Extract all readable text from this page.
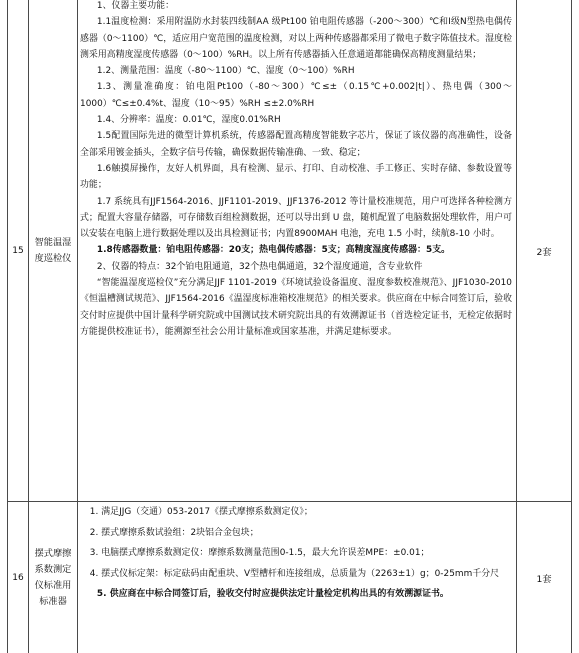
15
智能温湿度巡检仪
2套

1、仪器主要功能：

1.1温度检测：采用附温防水封装四线制AA 级Pt100 铂电阻传感器（-200～300）℃和I级N型热电偶传感器（0～1100）℃，适应用户宽范围的温度检测，对以上两种传感器都采用了微电子数字陈值技术。湿度检测采用高精度湿度传感器（0～100）%RH。以上所有传感器插入任意通道都能确保高精度测量结果；

1.2、测量范围：温度（-80～1100）℃、湿度（0～100）%RH

1.3、测量准确度：铂电阻Pt100（-80～300）℃≤±（0.15℃+0.002|t|）、热电偶（300～1000）℃≤±0.4%t、湿度（10～95）%RH ≤±2.0%RH

1.4、分辨率：温度：0.01℃，湿度0.01%RH

1.5配置国际先进的微型计算机系统，传感器配置高精度智能数字芯片，保证了该仪器的高准确性，设备全部采用镀金插头，全数字信号传输，确保数据传输准确、一致、稳定；

1.6触摸屏操作，友好人机界面，具有检测、显示、打印、自动校准、手工修正、实时存储、参数设置等功能；

1.7 系统具有JJF1564-2016、JJF1101-2019、JJF1376-2012 等计量校准规范，用户可选择各种检测方式；配置大容量存储器，可存储数百组检测数据，还可以导出到 U 盘，随机配置了电脑数据处理软件，用户可以安装在电脑上进行数据处理以及出具检测证书；内置8900MAH 电池，充电 1.5 小时，续航8-10 小时。

1.8传感器数量：铂电阻传感器：20支；热电偶传感器：5支；高精度湿度传感器：5支。

2、仪器的特点：32个铂电阻通道，32个热电偶通道，32个湿度通道，含专业软件

“智能温湿度巡检仪”充分满足JJF 1101-2019《环境试验设备温度、湿度参数校准规范》、JJF1030-2010《恒温槽测试规范》、JJF1564-2016《温湿度标准箱校准规范》的相关要求。供应商在中标合同签订后，验收交付时应提供中国计量科学研究院或中国测试技术研究院出具的有效溯源证书（首选检定证书，无检定依据时方能提供校准证书），能溯源至社会公用计量标准或国家基准，并满足建标要求。

16
摆式摩擦系数测定仪标准用标准器
1套

1. 满足JJG（交通）053-2017《摆式摩擦系数测定仪》；

2. 摆式摩擦系数试验组：2块铝合金包块；

3. 电脑摆式摩擦系数测定仪：摩擦系数测量范围0-1.5，最大允许误差MPE：±0.01；

4. 摆式仪标定架：标定砝码由配重块、V型槽杆和连接组成，总质量为（2263±1）g；0-25mm千分尺

5. 供应商在中标合同签订后，验收交付时应提供法定计量检定机构出具的有效溯源证书。
